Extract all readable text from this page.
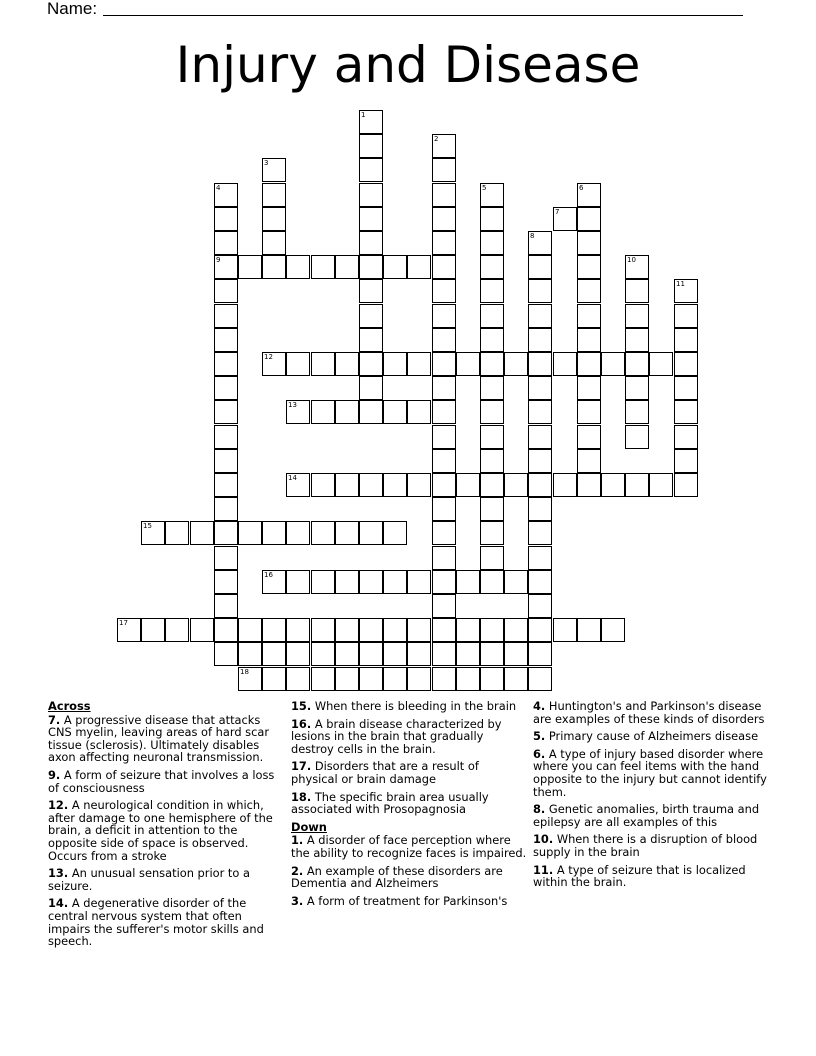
Name:
Injury and Disease
1
2
3
4
9
5	6
7
8
10
11
12
13
14
15
16
17
18
Across
7. A progressive disease that attacks CNS myelin, leaving areas of hard scar tissue (sclerosis). Ultimately disables axon affecting neuronal transmission.
9. A form of seizure that involves a loss of consciousness
12. A neurological condition in which, after damage to one hemisphere of the brain, a deficit in attention to the opposite side of space is observed. Occurs from a stroke
13. An unusual sensation prior to a seizure.
14. A degenerative disorder of the central nervous system that often impairs the sufferer's motor skills and speech.
15. When there is bleeding in the brain
16. A brain disease characterized by lesions in the brain that gradually destroy cells in the brain.
17. Disorders that are a result of physical or brain damage
18. The specific brain area usually associated with Prosopagnosia
Down
1. A disorder of face perception where the ability to recognize faces is impaired.
2. An example of these disorders are Dementia and Alzheimers
3. A form of treatment for Parkinson's
4. Huntington's and Parkinson's disease are examples of these kinds of disorders
5. Primary cause of Alzheimers disease
6. A type of injury based disorder where where you can feel items with the hand opposite to the injury but cannot identify them.
8. Genetic anomalies, birth trauma and epilepsy are all examples of this
10. When there is a disruption of blood supply in the brain
11. A type of seizure that is localized within the brain.
